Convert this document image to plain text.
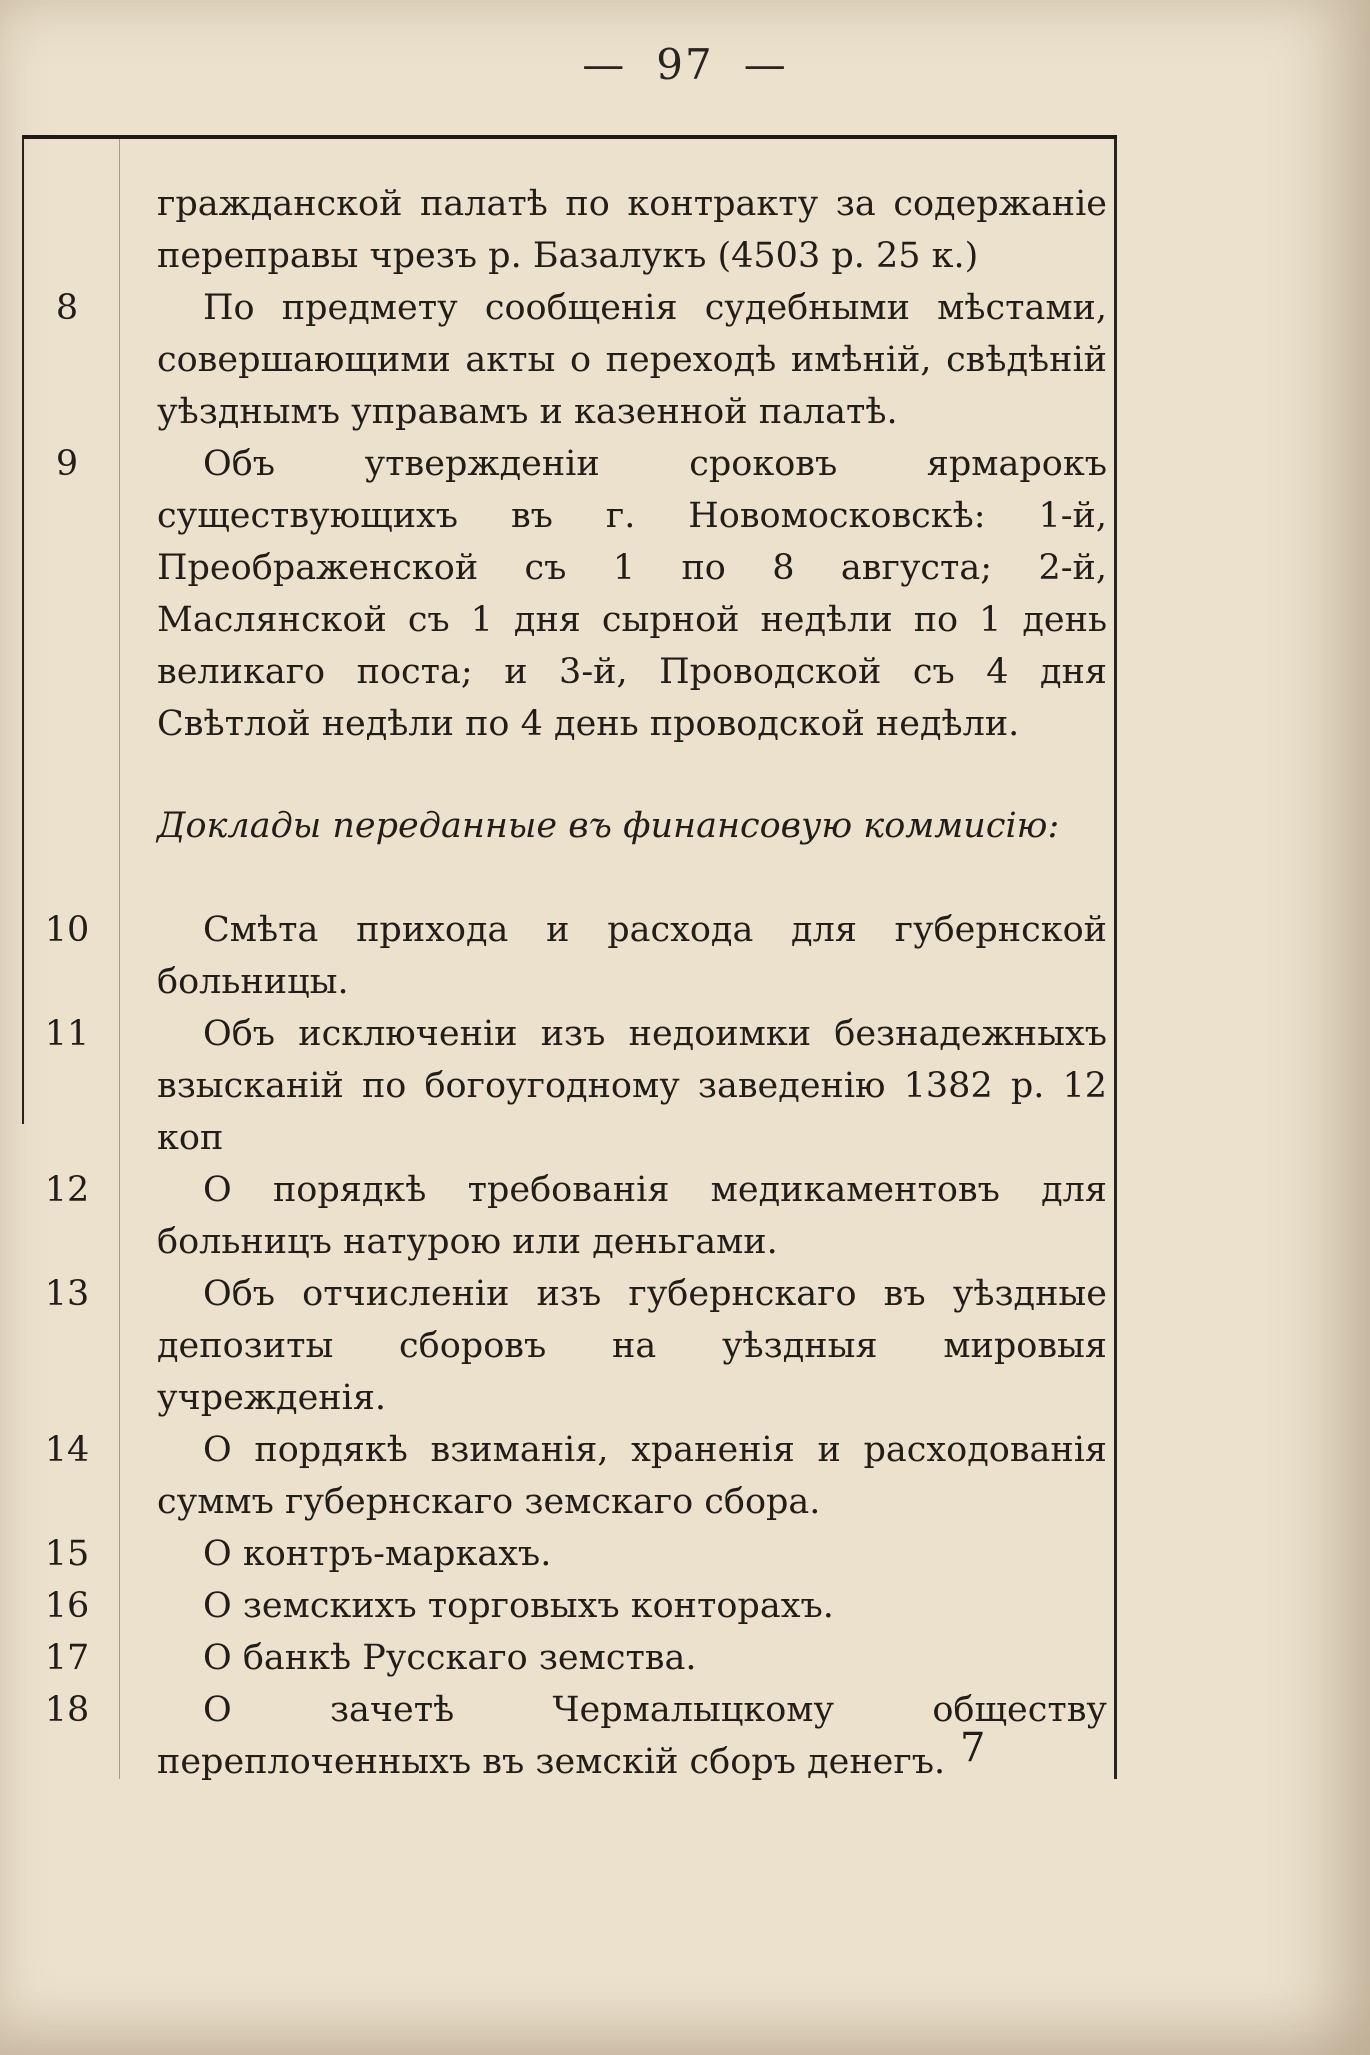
— 97 —
гражданской палатѣ по контракту за содержаніе переправы чрезъ р. Базалукъ (4503 р. 25 к.)
8	По предмету сообщенія судебными мѣстами, совершающими акты о переходѣ имѣній, свѣдѣній уѣзднымъ управамъ и казенной палатѣ.
9	Объ утвержденіи сроковъ ярмарокъ существующихъ въ г. Новомосковскѣ: 1-й, Преображенской съ 1 по 8 августа; 2-й, Маслянской съ 1 дня сырной недѣли по 1 день великаго поста; и 3-й, Проводской съ 4 дня Свѣтлой недѣли по 4 день проводской недѣли.
Доклады переданные въ финансовую коммисію:
10	Смѣта прихода и расхода для губернской больницы.
11	Объ исключеніи изъ недоимки безнадежныхъ взысканій по богоугодному заведенію 1382 р. 12 коп
12	О порядкѣ требованія медикаментовъ для больницъ натурою или деньгами.
13	Объ отчисленіи изъ губернскаго въ уѣздные депозиты сборовъ на уѣздныя мировыя учрежденія.
14	О пордякѣ взиманія, храненія и расходованія суммъ губернскаго земскаго сбора.
15	О контръ-маркахъ.
16	О земскихъ торговыхъ конторахъ.
17	О банкѣ Русскаго земства.
18	О зачетѣ Чермалыцкому обществу переплоченныхъ въ земскій сборъ денегъ. 7
